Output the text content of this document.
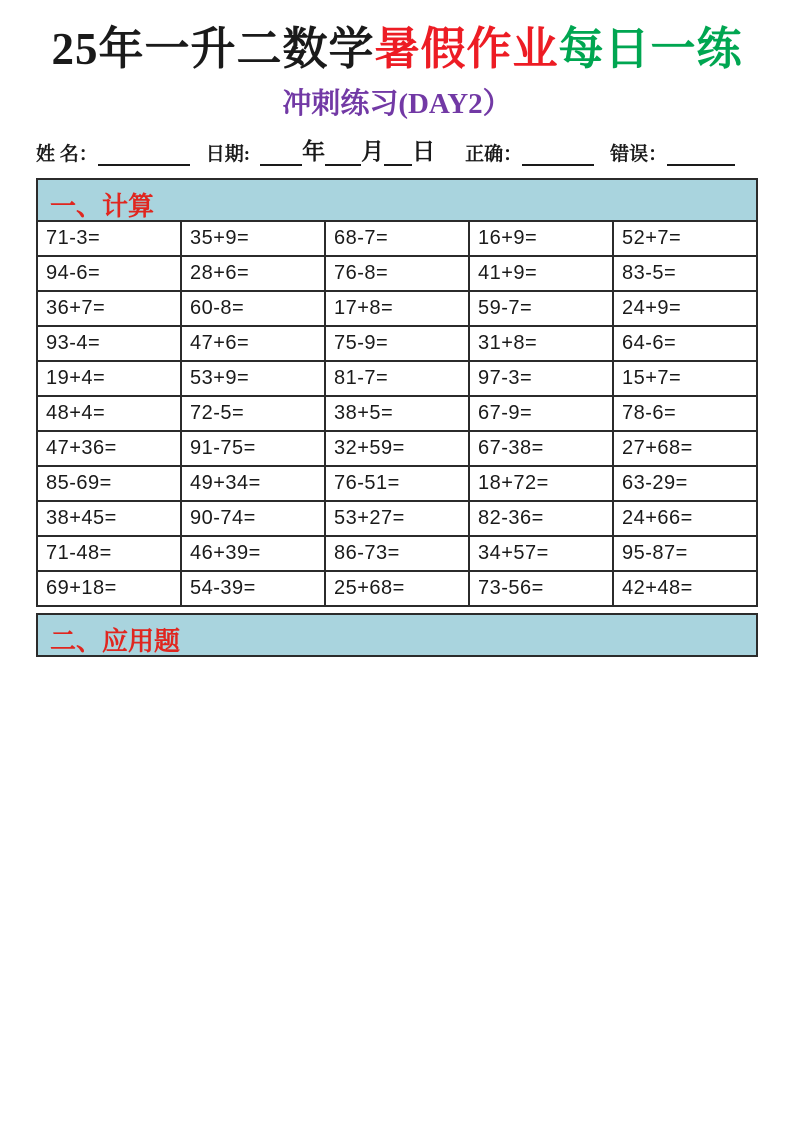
25年一升二数学暑假作业每日一练
冲刺练习(DAY2）
姓 名：	日期: 年 月 日 正确：	错误：
一、计算
71-3=	35+9=	68-7=	16+9=	52+7=
94-6=	28+6=	76-8=	41+9=	83-5=
36+7=	60-8=	17+8=	59-7=	24+9=
93-4=	47+6=	75-9=	31+8=	64-6=
19+4=	53+9=	81-7=	97-3=	15+7=
48+4=	72-5=	38+5=	67-9=	78-6=
47+36=	91-75=	32+59=	67-38=	27+68=
85-69=	49+34=	76-51=	18+72=	63-29=
38+45=	90-74=	53+27=	82-36=	24+66=
71-48=	46+39=	86-73=	34+57=	95-87=
69+18=	54-39=	25+68=	73-56=	42+48=
二、应用题
